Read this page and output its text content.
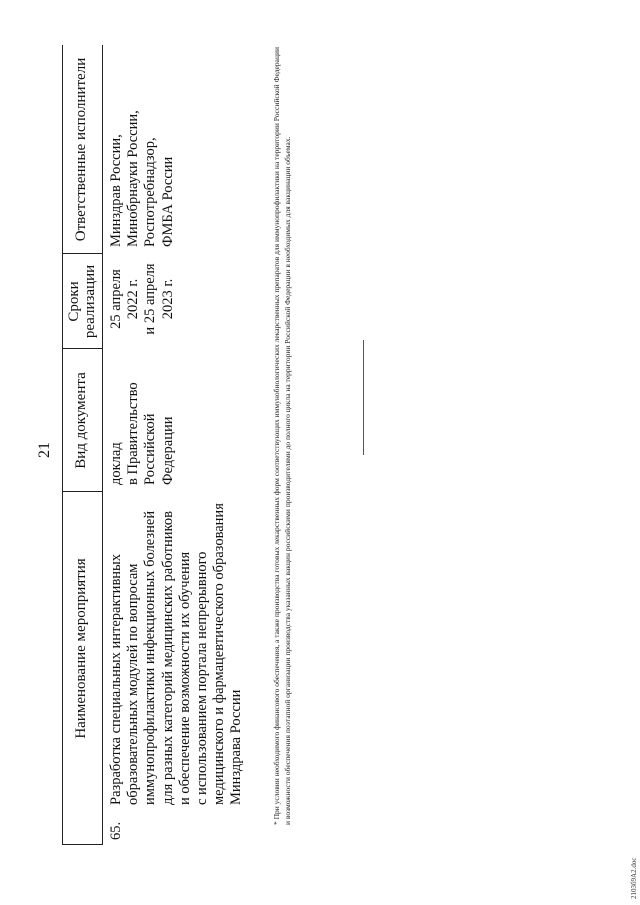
21
Наименование мероприятия
Вид документа
Сроки реализации
Ответственные исполнители
65.
Разработка специальных интерактивных
образовательных модулей по вопросам
иммунопрофилактики инфекционных болезней
для разных категорий медицинских работников
и обеспечение возможности их обучения
с использованием портала непрерывного
медицинского и фармацевтического образования
Минздрава России
доклад
в Правительство
Российской Федерации
25 апреля
2022 г.
и 25 апреля
2023 г.
Минздрав России,
Минобрнауки России,
Роспотребнадзор,
ФМБА России	* При условии необходимого финансового обеспечения, а также производства готовых лекарственных форм соответствующих иммунобиологических лекарственных препаратов для иммунопрофилактики на территории Российской Федерации и возможности обеспечения поэтапной организации производства указанных вакцин российскими производителями до полного цикла на территории Российской Федерации в необходимых для вакцинации объемах.
2103б9А2.doc
